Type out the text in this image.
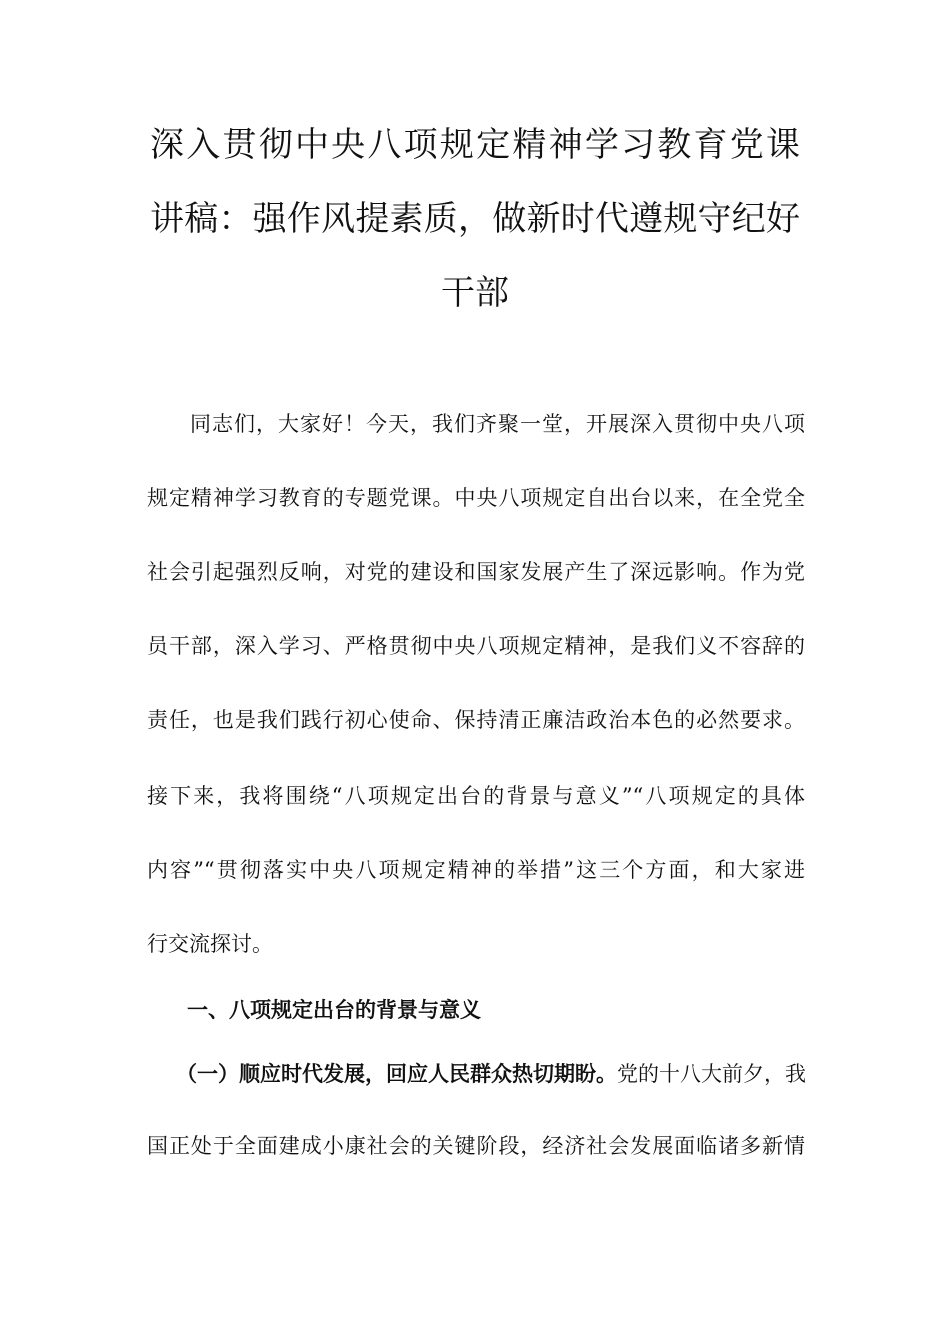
深入贯彻中央八项规定精神学习教育党课
讲稿：强作风提素质，做新时代遵规守纪好
干部
同志们，大家好！今天，我们齐聚一堂，开展深入贯彻中央八项
规定精神学习教育的专题党课。中央八项规定自出台以来，在全党全
社会引起强烈反响，对党的建设和国家发展产生了深远影响。作为党
员干部，深入学习、严格贯彻中央八项规定精神，是我们义不容辞的
责任，也是我们践行初心使命、保持清正廉洁政治本色的必然要求。
接下来，我将围绕“八项规定出台的背景与意义”“八项规定的具体
内容”“贯彻落实中央八项规定精神的举措”这三个方面，和大家进
行交流探讨。
一、八项规定出台的背景与意义
（一）顺应时代发展，回应人民群众热切期盼。 党的十八大前夕，我
国正处于全面建成小康社会的关键阶段，经济社会发展面临诸多新情
